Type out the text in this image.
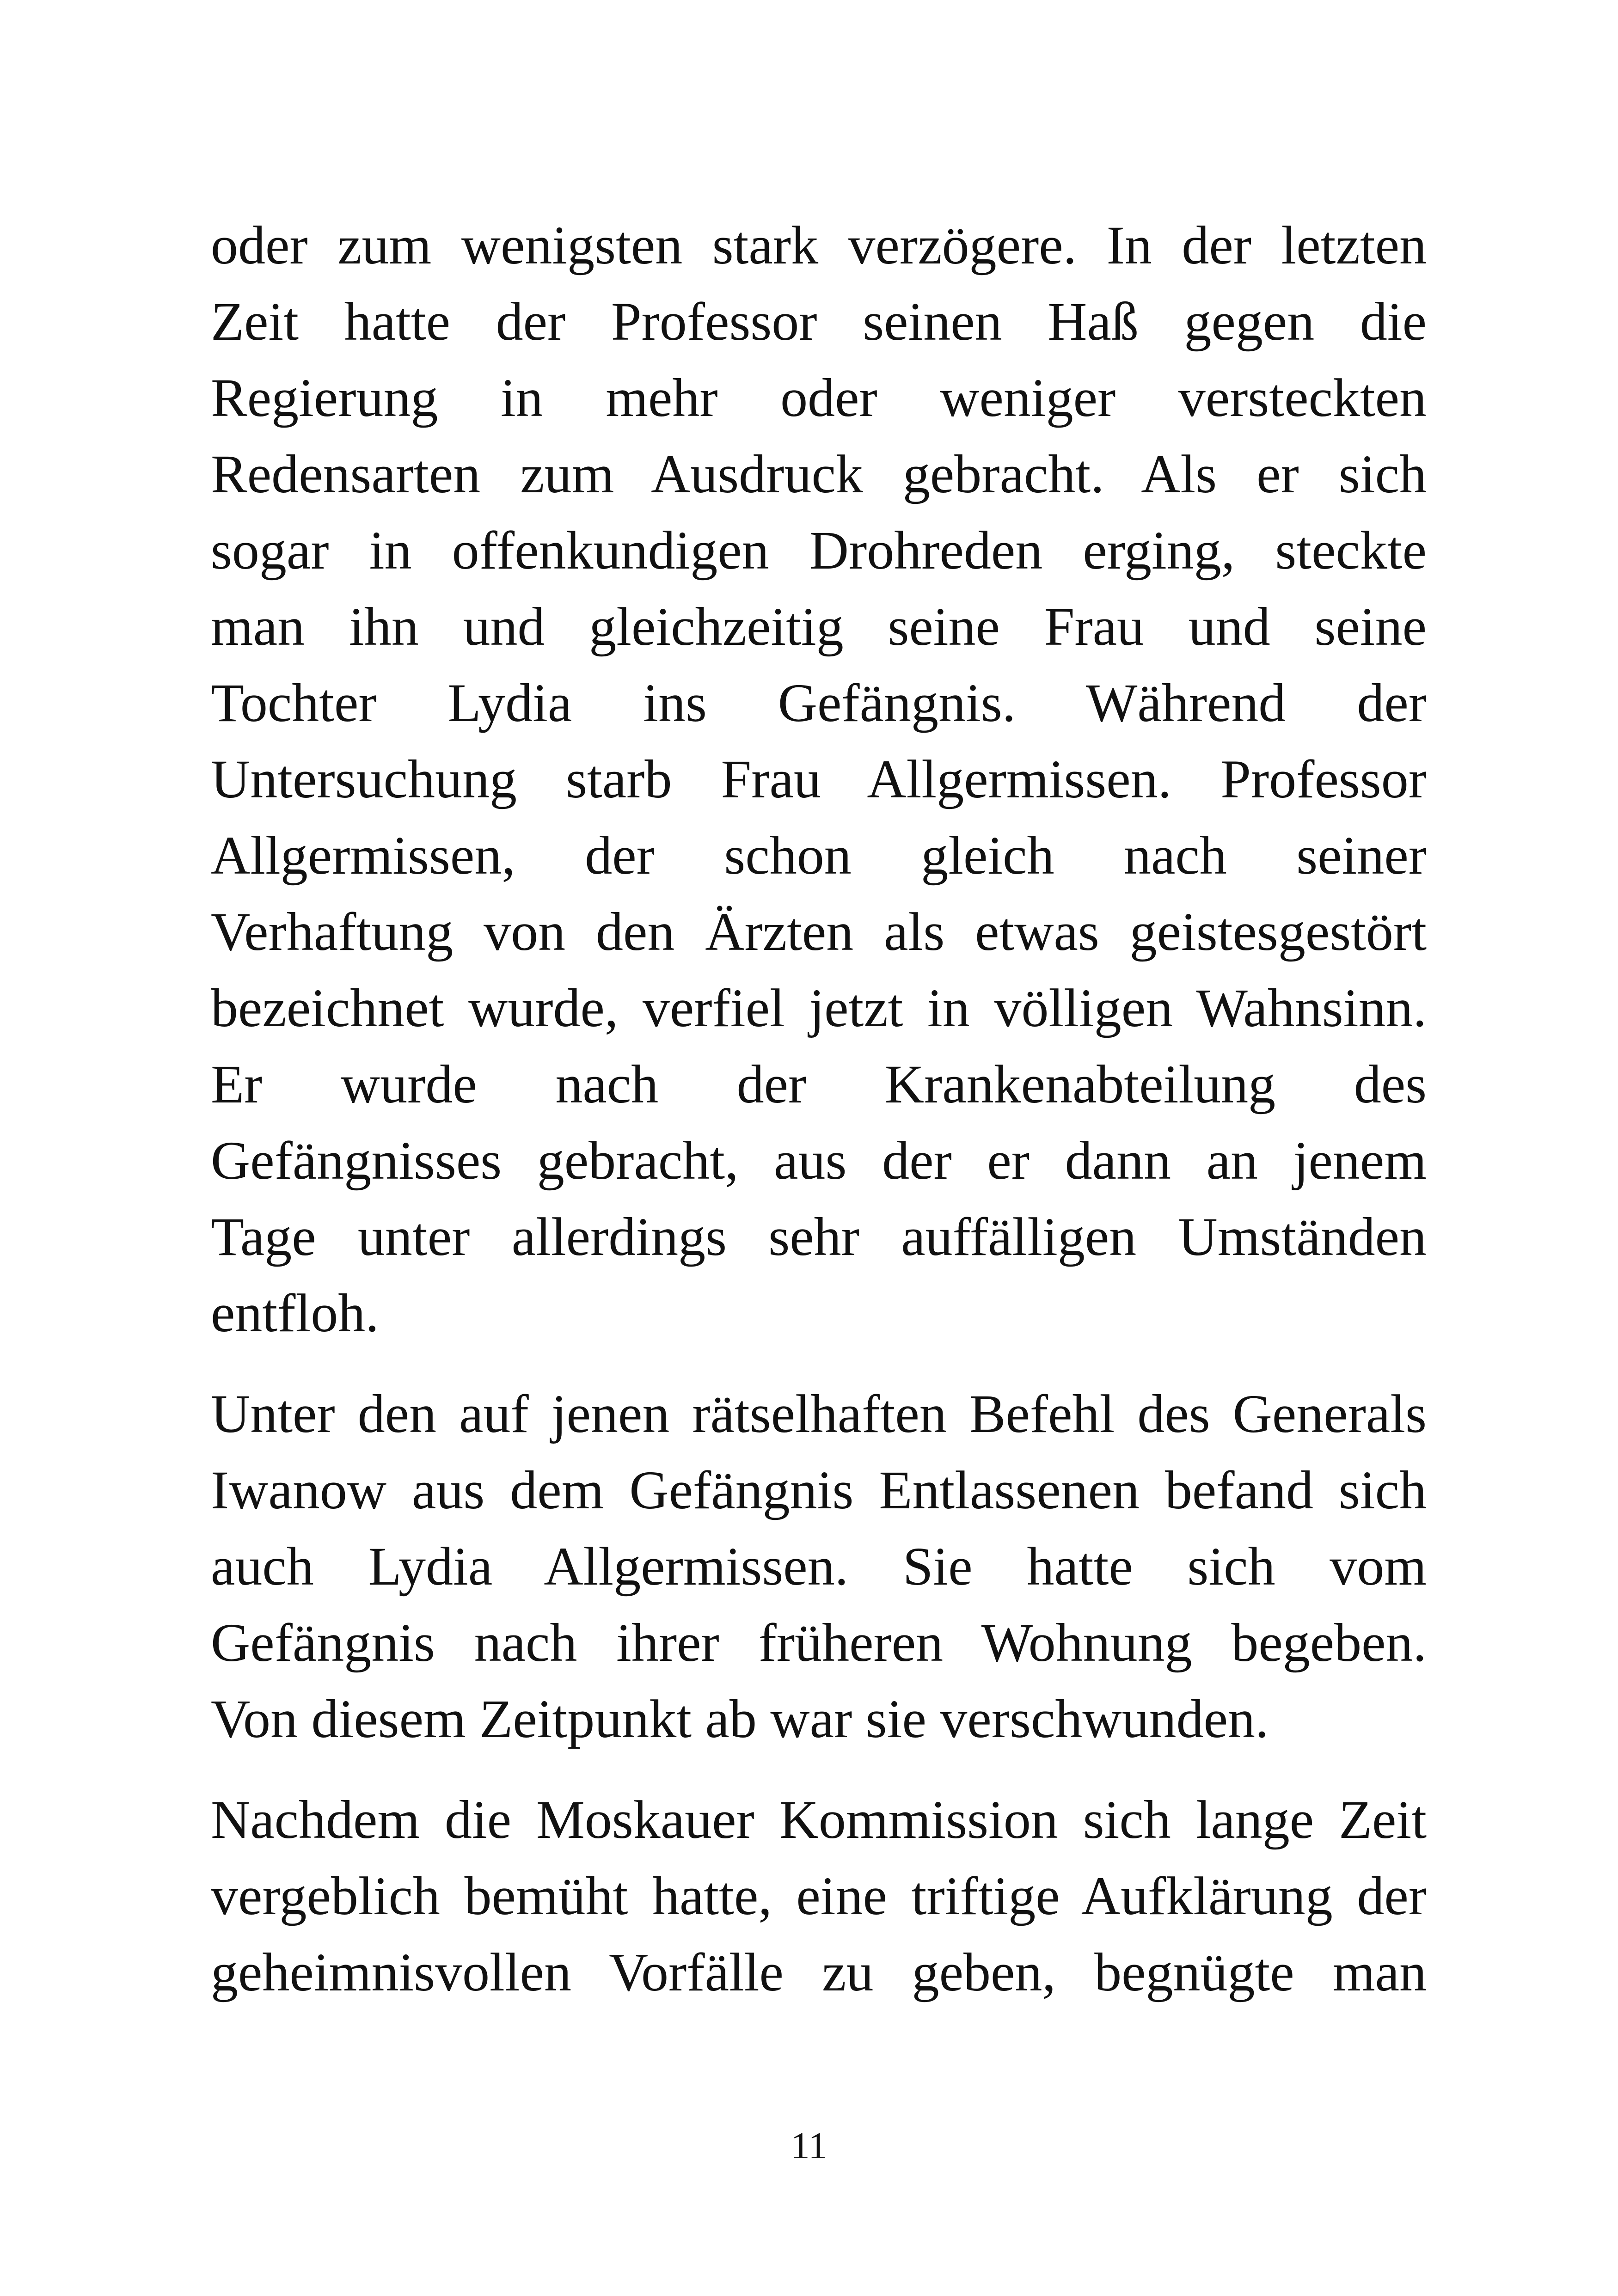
oder zum wenigsten stark verzögere. In der letzten
Zeit hatte der Professor seinen Haß gegen die
Regierung in mehr oder weniger versteckten
Redensarten zum Ausdruck gebracht. Als er sich
sogar in offenkundigen Drohreden erging, steckte
man ihn und gleichzeitig seine Frau und seine
Tochter Lydia ins Gefängnis. Während der
Untersuchung starb Frau Allgermissen. Professor
Allgermissen, der schon gleich nach seiner
Verhaftung von den Ärzten als etwas geistesgestört
bezeichnet wurde, verfiel jetzt in völligen Wahnsinn.
Er wurde nach der Krankenabteilung des
Gefängnisses gebracht, aus der er dann an jenem
Tage unter allerdings sehr auffälligen Umständen
entfloh.
Unter den auf jenen rätselhaften Befehl des Generals
Iwanow aus dem Gefängnis Entlassenen befand sich
auch Lydia Allgermissen. Sie hatte sich vom
Gefängnis nach ihrer früheren Wohnung begeben.
Von diesem Zeitpunkt ab war sie verschwunden.
Nachdem die Moskauer Kommission sich lange Zeit
vergeblich bemüht hatte, eine triftige Aufklärung der
geheimnisvollen Vorfälle zu geben, begnügte man
11
